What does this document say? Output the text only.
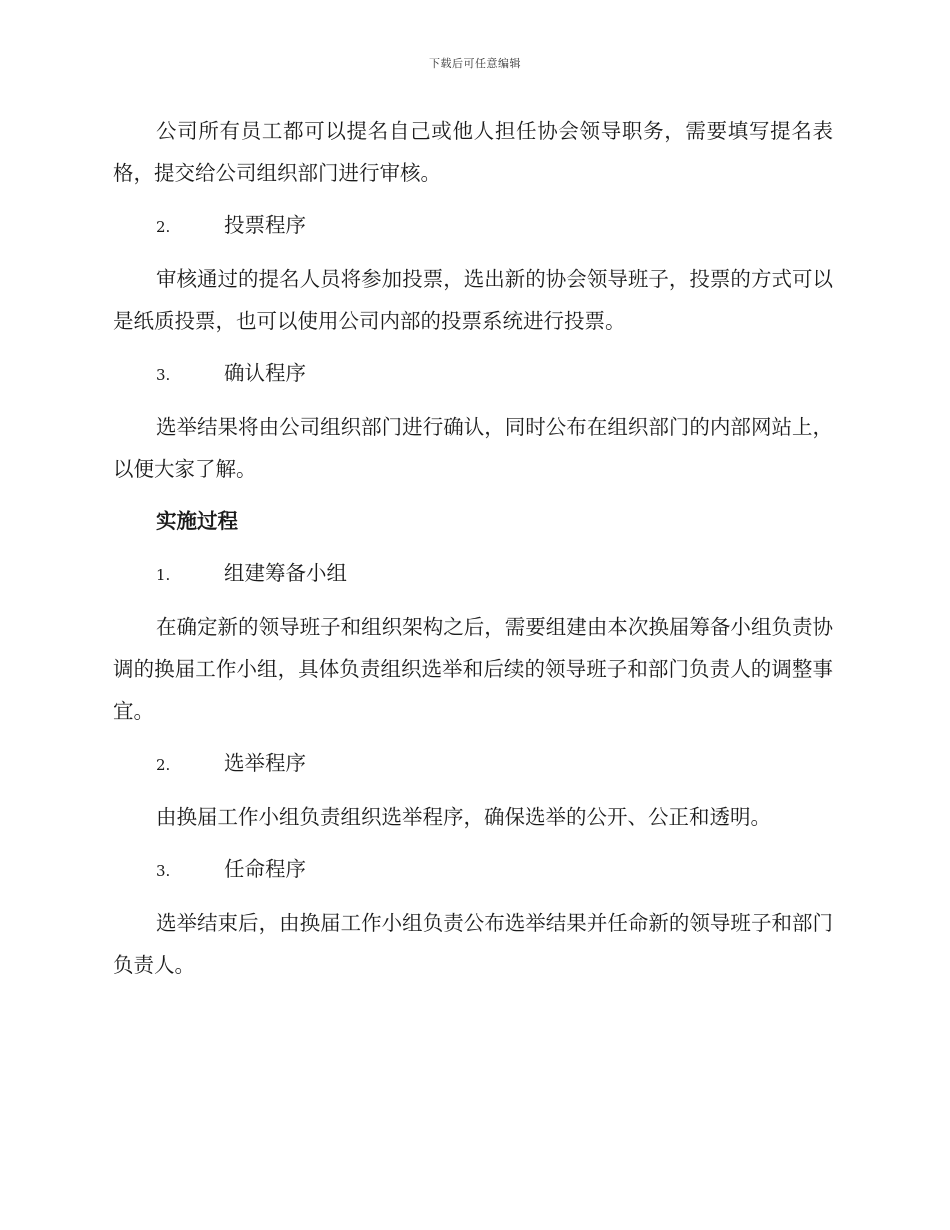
下载后可任意编辑

公司所有员工都可以提名自己或他人担任协会领导职务，需要填写提名表格，提交给公司组织部门进行审核。

2.	投票程序

审核通过的提名人员将参加投票，选出新的协会领导班子，投票的方式可以是纸质投票，也可以使用公司内部的投票系统进行投票。

3.	确认程序

选举结果将由公司组织部门进行确认，同时公布在组织部门的内部网站上，以便大家了解。

实施过程
1.	组建筹备小组

在确定新的领导班子和组织架构之后，需要组建由本次换届筹备小组负责协调的换届工作小组，具体负责组织选举和后续的领导班子和部门负责人的调整事宜。

2.	选举程序

由换届工作小组负责组织选举程序，确保选举的公开、公正和透明。

3.	任命程序

选举结束后，由换届工作小组负责公布选举结果并任命新的领导班子和部门负责人。
